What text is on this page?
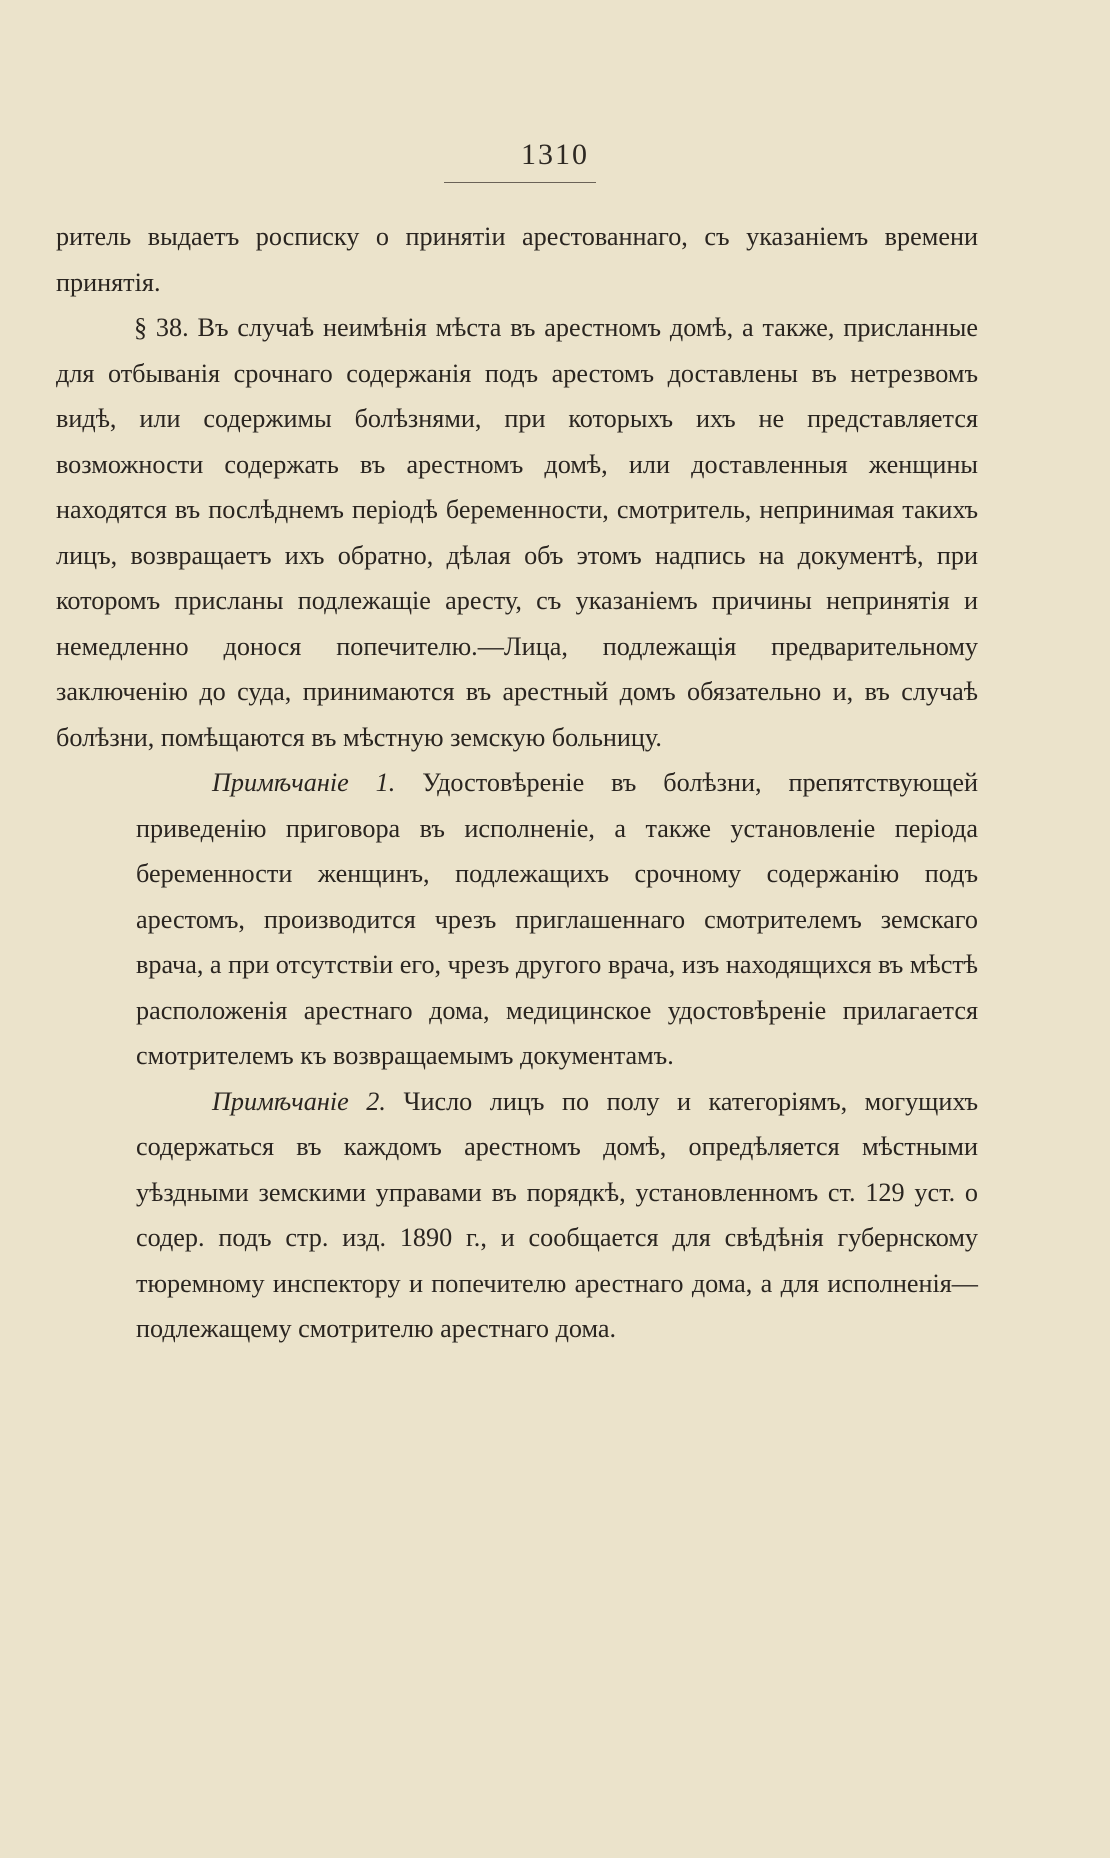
1310

ритель выдаетъ росписку о принятіи арестованнаго, съ указаніемъ времени принятія.

§ 38. Въ случаѣ неимѣнія мѣста въ арестномъ домѣ, а также, присланные для отбыванія срочнаго содержанія подъ арестомъ доставлены въ нетрезвомъ видѣ, или содержимы болѣзнями, при которыхъ ихъ не представляется возможности содержать въ арестномъ домѣ, или доставленныя женщины находятся въ послѣднемъ періодѣ беременности, смотритель, непринимая такихъ лицъ, возвращаетъ ихъ обратно, дѣлая объ этомъ надпись на документѣ, при которомъ присланы подлежащіе аресту, съ указаніемъ причины непринятія и немедленно донося попечителю.—Лица, подлежащія предварительному заключенію до суда, принимаются въ арестный домъ обязательно и, въ случаѣ болѣзни, помѣщаются въ мѣстную земскую больницу.

Примѣчаніе 1. Удостовѣреніе въ болѣзни, препятствующей приведенію приговора въ исполненіе, а также установленіе періода беременности женщинъ, подлежащихъ срочному содержанію подъ арестомъ, производится чрезъ приглашеннаго смотрителемъ земскаго врача, а при отсутствіи его, чрезъ другого врача, изъ находящихся въ мѣстѣ расположенія арестнаго дома, медицинское удостовѣреніе прилагается смотрителемъ къ возвращаемымъ документамъ.

Примѣчаніе 2. Число лицъ по полу и категоріямъ, могущихъ содержаться въ каждомъ арестномъ домѣ, опредѣляется мѣстными уѣздными земскими управами въ порядкѣ, установленномъ ст. 129 уст. о содер. подъ стр. изд. 1890 г., и сообщается для свѣдѣнія губернскому тюремному инспектору и попечителю арестнаго дома, а для исполненія—подлежащему смотрителю арестнаго дома.
